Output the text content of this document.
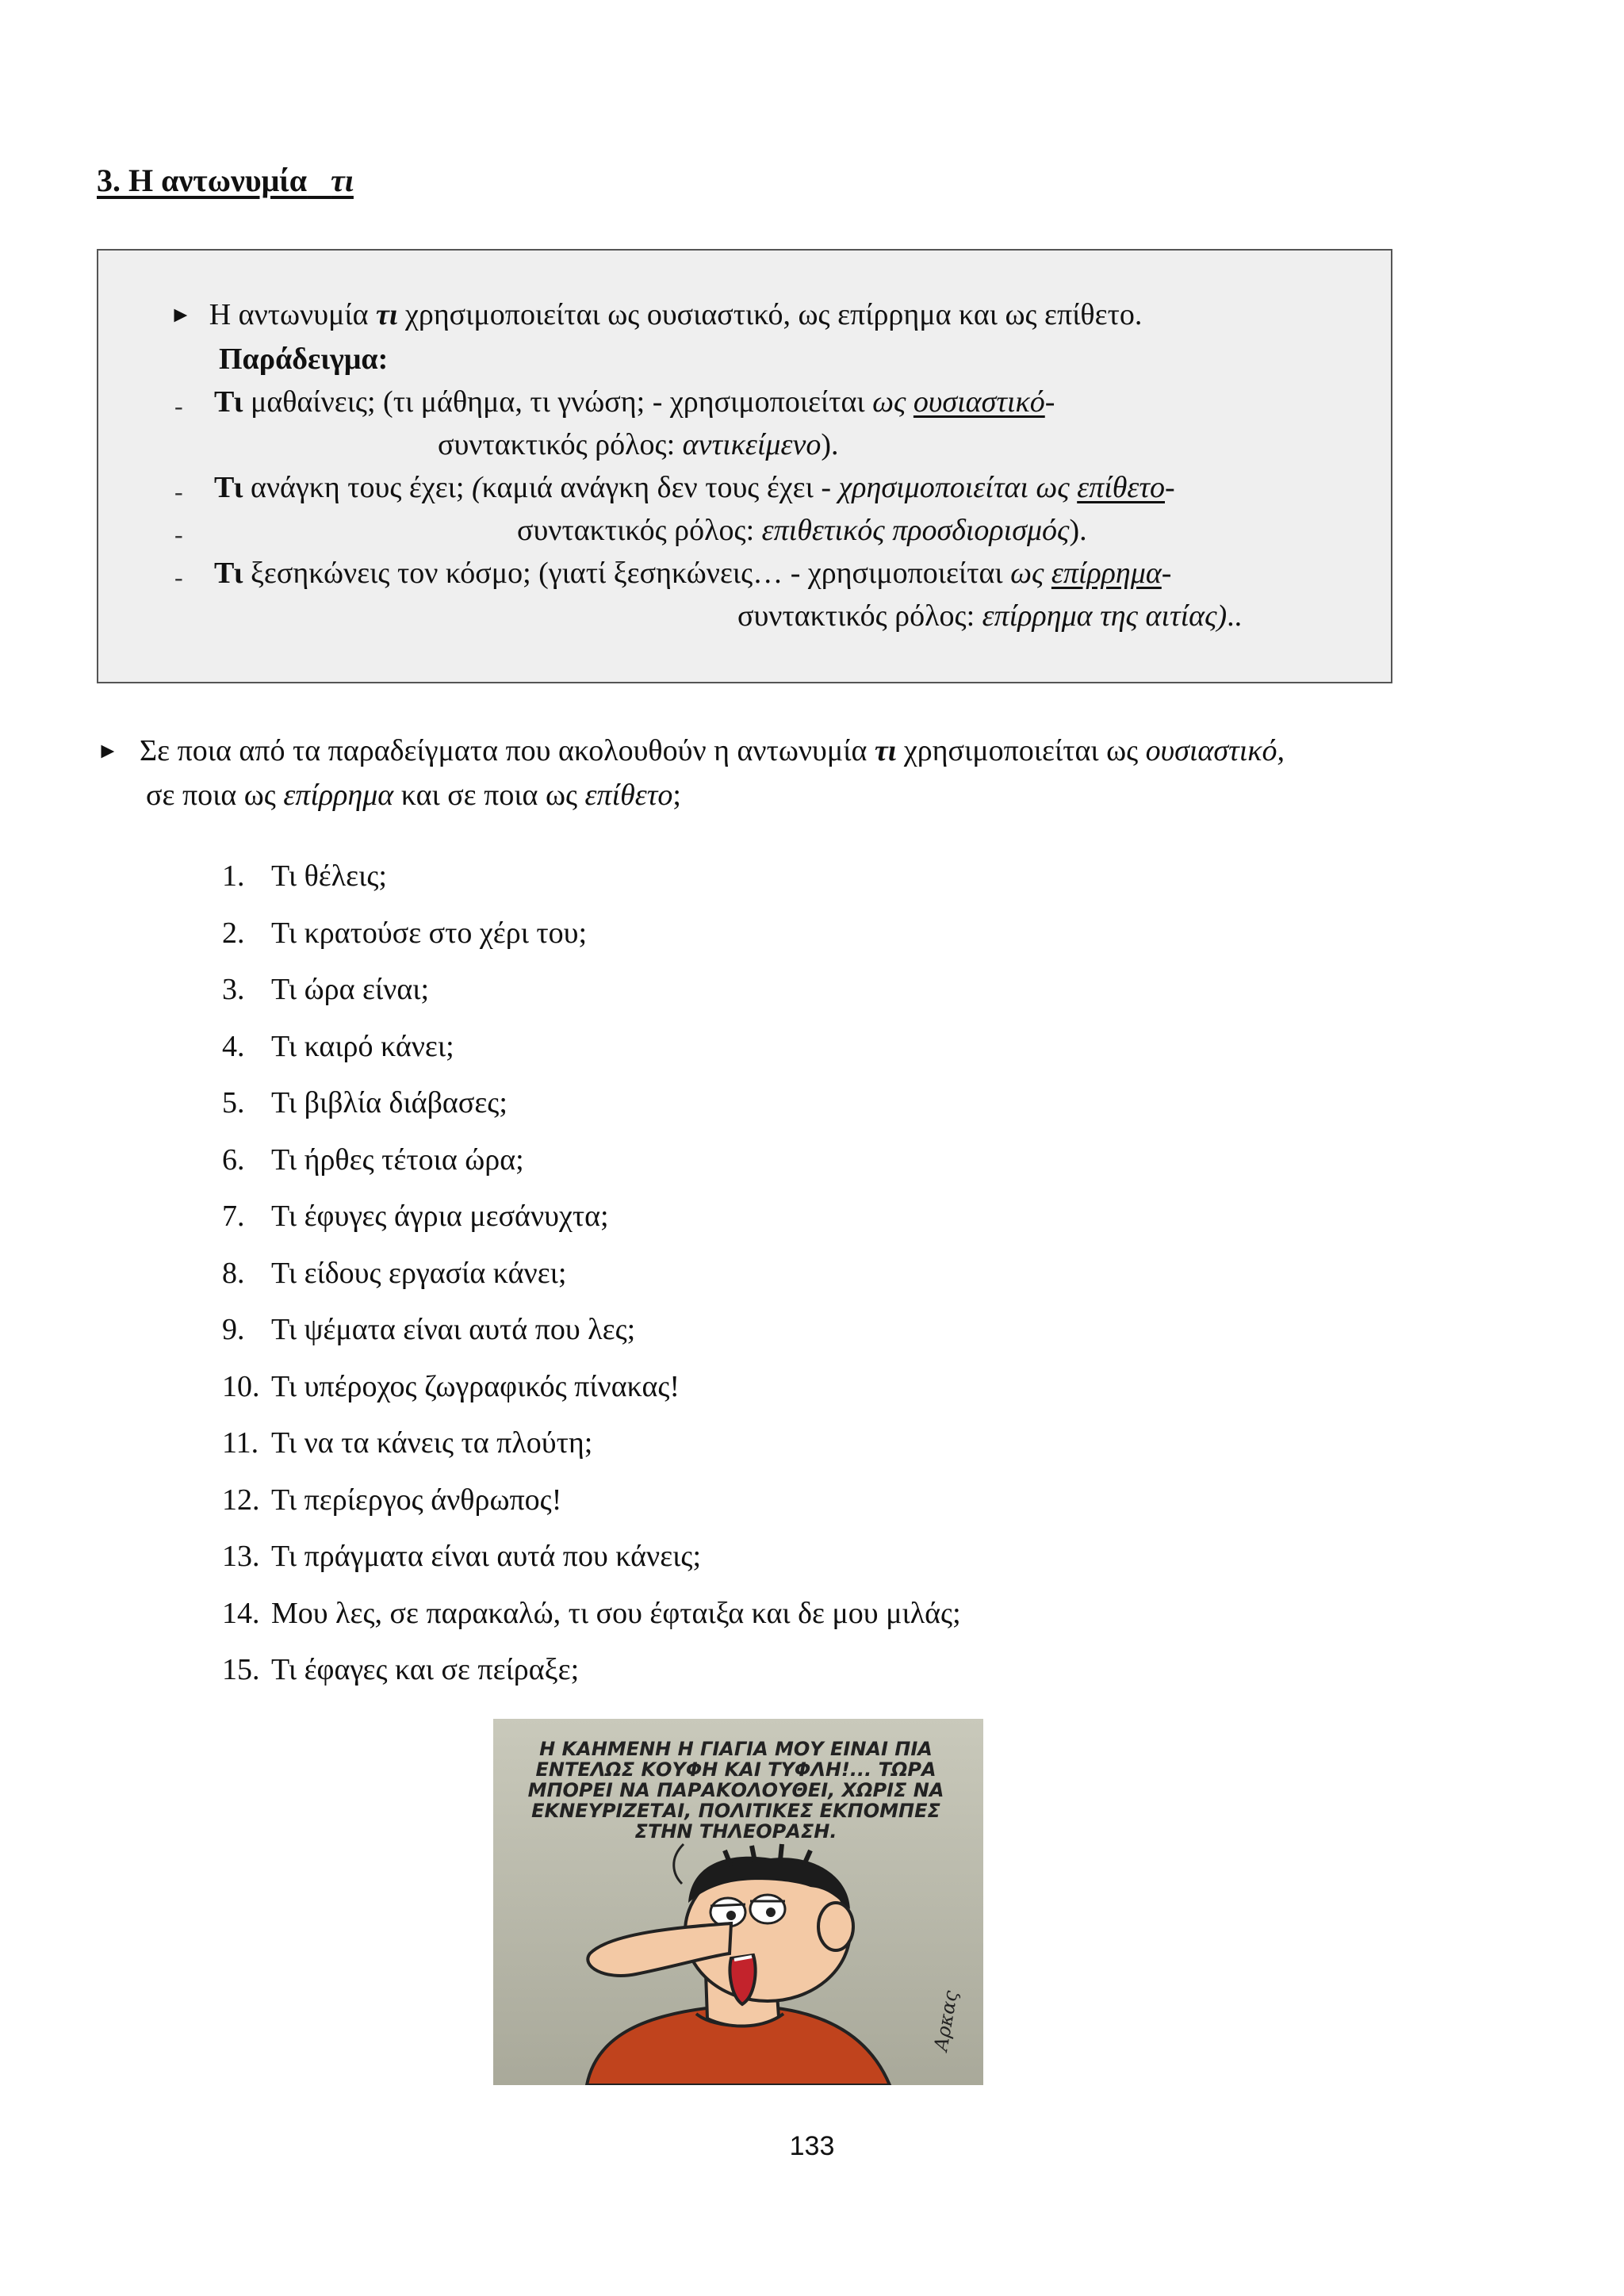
3. Η αντωνυμία τι
► Η αντωνυμία τι χρησιμοποιείται ως ουσιαστικό, ως επίρρημα και ως επίθετο.
Παράδειγμα:
- Τι μαθαίνεις; (τι μάθημα, τι γνώση; - χρησιμοποιείται ως ουσιαστικό-
συντακτικός ρόλος: αντικείμενο).
- Τι ανάγκη τους έχει; (καμιά ανάγκη δεν τους έχει - χρησιμοποιείται ως επίθετο-
-	συντακτικός ρόλος: επιθετικός προσδιορισμός).
- Τι ξεσηκώνεις τον κόσμο; (γιατί ξεσηκώνεις… - χρησιμοποιείται ως επίρρημα-
συντακτικός ρόλος: επίρρημα της αιτίας)..
► Σε ποια από τα παραδείγματα που ακολουθούν η αντωνυμία τι χρησιμοποιείται ως ουσιαστικό,
σε ποια ως επίρρημα και σε ποια ως επίθετο;
1. Τι θέλεις;
2. Τι κρατούσε στο χέρι του;
3. Τι ώρα είναι;
4. Τι καιρό κάνει;
5. Τι βιβλία διάβασες;
6. Τι ήρθες τέτοια ώρα;
7. Τι έφυγες άγρια μεσάνυχτα;
8. Τι είδους εργασία κάνει;
9. Τι ψέματα είναι αυτά που λες;
10. Τι υπέροχος ζωγραφικός πίνακας!
11. Τι να τα κάνεις τα πλούτη;
12. Τι περίεργος άνθρωπος!
13. Τι πράγματα είναι αυτά που κάνεις;
14. Μου λες, σε παρακαλώ, τι σου έφταιξα και δε μου μιλάς;
15. Τι έφαγες και σε πείραξε;
Η ΚΑΗΜΕΝΗ Η ΓΙΑΓΙΑ ΜΟΥ ΕΙΝΑΙ ΠΙΑ
ΕΝΤΕΛΩΣ ΚΟΥΦΗ ΚΑΙ ΤΥΦΛΗ!... ΤΩΡΑ
ΜΠΟΡΕΙ ΝΑ ΠΑΡΑΚΟΛΟΥΘΕΙ, ΧΩΡΙΣ ΝΑ
ΕΚΝΕΥΡΙΖΕΤΑΙ, ΠΟΛΙΤΙΚΕΣ ΕΚΠΟΜΠΕΣ
ΣΤΗΝ ΤΗΛΕΟΡΑΣΗ.
Αρκας
133
